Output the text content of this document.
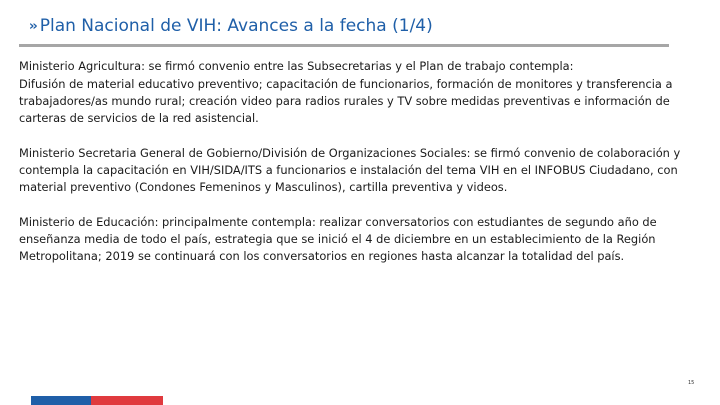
›› Plan Nacional de VIH: Avances a la fecha (1/4)

Ministerio Agricultura: se firmó convenio entre las Subsecretarias y el Plan de trabajo contempla:

Difusión de material educativo preventivo; capacitación de funcionarios, formación de monitores y transferencia a trabajadores/as mundo rural; creación video para radios rurales y TV sobre medidas preventivas e información de carteras de servicios de la red asistencial.

Ministerio Secretaria General de Gobierno/División de Organizaciones Sociales: se firmó convenio de colaboración y contempla la capacitación en VIH/SIDA/ITS a funcionarios e instalación del tema VIH en el INFOBUS Ciudadano, con material preventivo (Condones Femeninos y Masculinos), cartilla preventiva y videos.

Ministerio de Educación: principalmente contempla: realizar conversatorios con estudiantes de segundo año de enseñanza media de todo el país, estrategia que se inició el 4 de diciembre en un establecimiento de la Región Metropolitana; 2019 se continuará con los conversatorios en regiones hasta alcanzar la totalidad del país.

15
